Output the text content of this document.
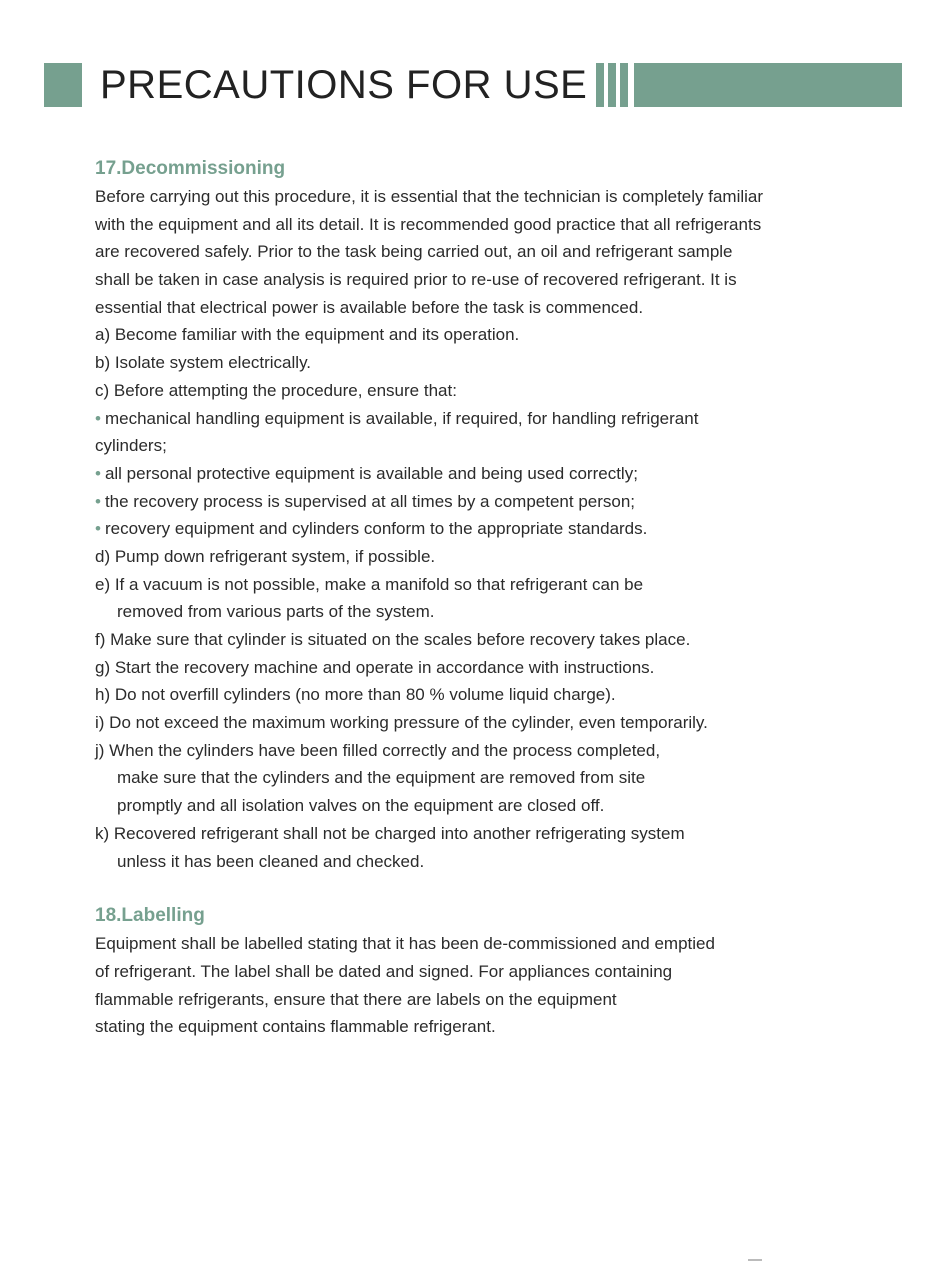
PRECAUTIONS FOR USE
17.Decommissioning
Before carrying out this procedure, it is essential that the technician is completely familiar
with the equipment and all its detail. It is recommended good practice that all refrigerants
are recovered safely. Prior to the task being carried out, an oil and refrigerant sample
shall be taken in case analysis is required prior to re-use of recovered refrigerant. It is
essential that electrical power is available before the task is commenced.
a) Become familiar with the equipment and its operation.
b) Isolate system electrically.
c) Before attempting the procedure, ensure that:
• mechanical handling equipment is available, if required, for handling refrigerant
cylinders;
• all personal protective equipment is available and being used correctly;
• the recovery process is supervised at all times by a competent person;
• recovery equipment and cylinders conform to the appropriate standards.
d) Pump down refrigerant system, if possible.
e) If a vacuum is not possible, make a manifold so that refrigerant can be
removed from various parts of the system.
f) Make sure that cylinder is situated on the scales before recovery takes place.
g) Start the recovery machine and operate in accordance with instructions.
h) Do not overfill cylinders (no more than 80 % volume liquid charge).
i) Do not exceed the maximum working pressure of the cylinder, even temporarily.
j) When the cylinders have been filled correctly and the process completed,
make sure that the cylinders and the equipment are removed from site
promptly and all isolation valves on the equipment are closed off.
k) Recovered refrigerant shall not be charged into another refrigerating system
unless it has been cleaned and checked.
18.Labelling
Equipment shall be labelled stating that it has been de-commissioned and emptied
of refrigerant. The label shall be dated and signed. For appliances containing
flammable refrigerants, ensure that there are labels on the equipment
stating the equipment contains flammable refrigerant.
